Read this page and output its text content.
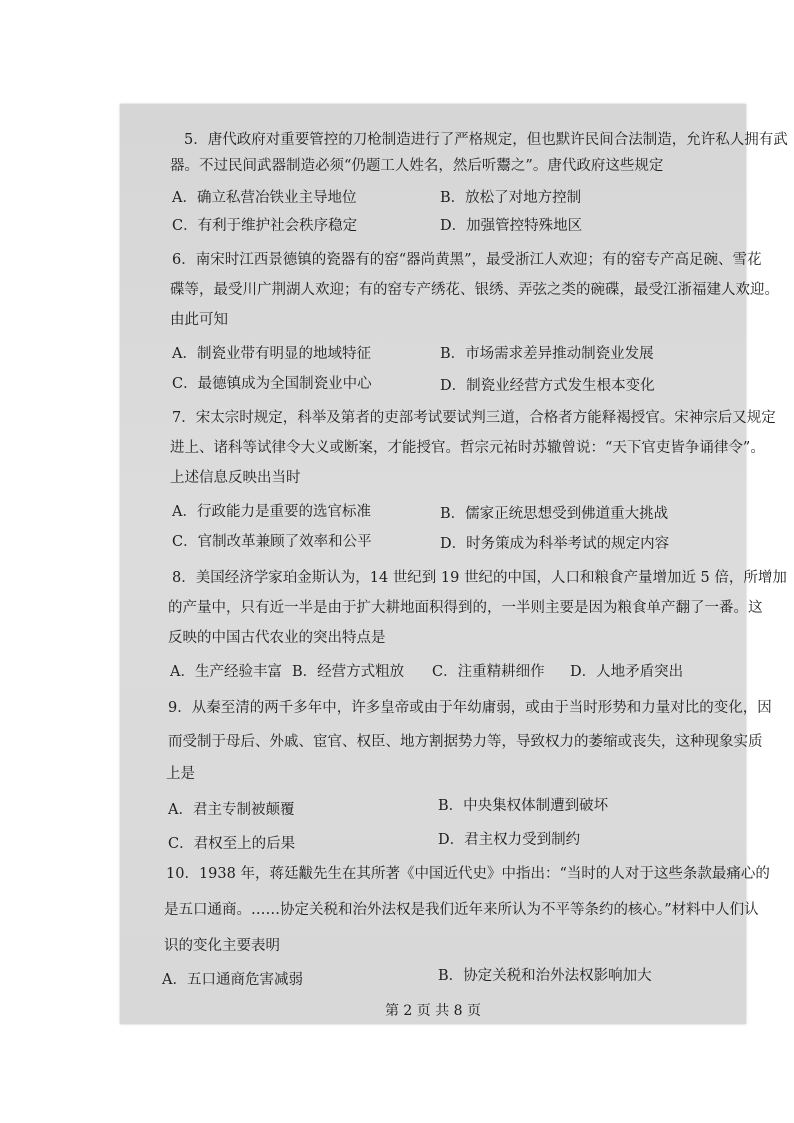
5．唐代政府对重要管控的刀枪制造进行了严格规定，但也默许民间合法制造，允许私人拥有武
器。不过民间武器制造必须“仍题工人姓名，然后听鬻之”。唐代政府这些规定
A．确立私营冶铁业主导地位	B．放松了对地方控制
C．有利于维护社会秩序稳定	D．加强管控特殊地区
6．南宋时江西景德镇的瓷器有的窑“器尚黄黑”，最受浙江人欢迎；有的窑专产高足碗、雪花
碟等，最受川广荆湖人欢迎；有的窑专产绣花、银绣、弄弦之类的碗碟，最受江浙福建人欢迎。
由此可知
A．制瓷业带有明显的地域特征	B．市场需求差异推动制瓷业发展
C．最德镇成为全国制瓷业中心	D．制瓷业经营方式发生根本变化
7．宋太宗时规定，科举及第者的吏部考试要试判三道，合格者方能释褐授官。宋神宗后又规定
进上、诸科等试律令大义或断案，才能授官。哲宗元祐时苏辙曾说：“天下官吏皆争诵律令”。
上述信息反映出当时
A．行政能力是重要的选官标准	B．儒家正统思想受到佛道重大挑战
C．官制改革兼顾了效率和公平	D．时务策成为科举考试的规定内容
8．美国经济学家珀金斯认为，14 世纪到 19 世纪的中国，人口和粮食产量增加近 5 倍，所增加
的产量中，只有近一半是由于扩大耕地面积得到的，一半则主要是因为粮食单产翻了一番。这
反映的中国古代农业的突出特点是
A．生产经验丰富 B．经营方式粗放 C．注重精耕细作 D．人地矛盾突出
9．从秦至清的两千多年中，许多皇帝或由于年幼庸弱，或由于当时形势和力量对比的变化，因
而受制于母后、外戚、宦官、权臣、地方割据势力等，导致权力的萎缩或丧失，这种现象实质
上是
A．君主专制被颠覆	B．中央集权体制遭到破坏
C．君权至上的后果	D．君主权力受到制约
10．1938 年，蒋廷黻先生在其所著《中国近代史》中指出：“当时的人对于这些条款最痛心的
是五口通商。……协定关税和治外法权是我们近年来所认为不平等条约的核心。”材料中人们认
识的变化主要表明
A．五口通商危害减弱	B．协定关税和治外法权影响加大
第 2 页 共 8 页
